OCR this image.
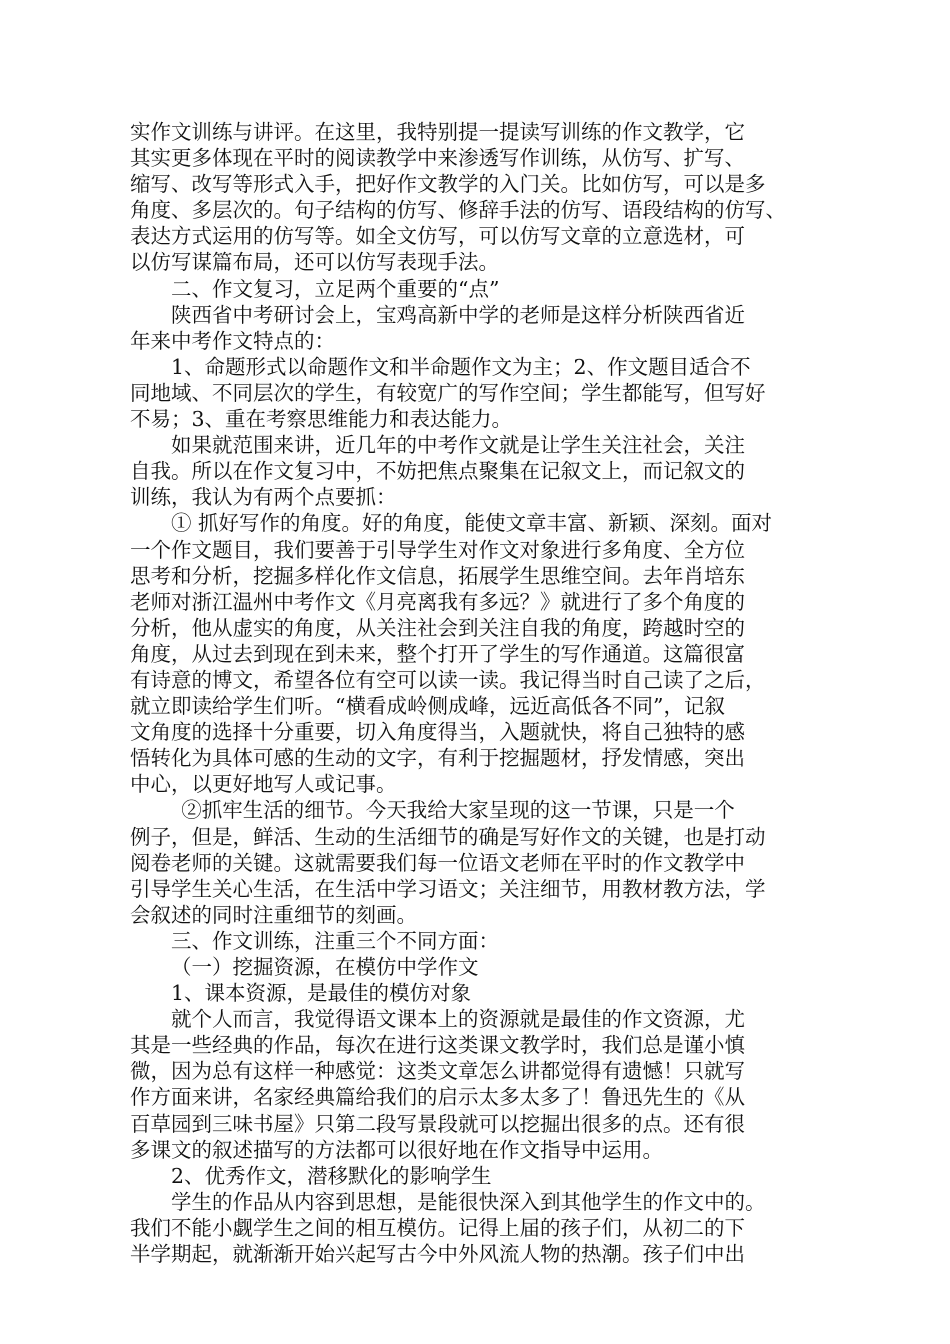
实作文训练与讲评。在这里，我特别提一提读写训练的作文教学，它
其实更多体现在平时的阅读教学中来渗透写作训练，从仿写、扩写、
缩写、改写等形式入手，把好作文教学的入门关。比如仿写，可以是多
角度、多层次的。句子结构的仿写、修辞手法的仿写、语段结构的仿写、
表达方式运用的仿写等。如全文仿写，可以仿写文章的立意选材，可
以仿写谋篇布局，还可以仿写表现手法。

二、作文复习，立足两个重要的“点”

陕西省中考研讨会上，宝鸡高新中学的老师是这样分析陕西省近
年来中考作文特点的：

1、命题形式以命题作文和半命题作文为主；2、作文题目适合不
同地域、不同层次的学生，有较宽广的写作空间；学生都能写，但写好
不易；3、重在考察思维能力和表达能力。

如果就范围来讲，近几年的中考作文就是让学生关注社会，关注
自我。所以在作文复习中，不妨把焦点聚集在记叙文上，而记叙文的
训练，我认为有两个点要抓：

① 抓好写作的角度。好的角度，能使文章丰富、新颖、深刻。面对
一个作文题目，我们要善于引导学生对作文对象进行多角度、全方位
思考和分析，挖掘多样化作文信息，拓展学生思维空间。去年肖培东
老师对浙江温州中考作文《月亮离我有多远？》就进行了多个角度的
分析，他从虚实的角度，从关注社会到关注自我的角度，跨越时空的
角度，从过去到现在到未来，整个打开了学生的写作通道。这篇很富
有诗意的博文，希望各位有空可以读一读。我记得当时自己读了之后，
就立即读给学生们听。“横看成岭侧成峰，远近高低各不同”，记叙
文角度的选择十分重要，切入角度得当，入题就快，将自己独特的感
悟转化为具体可感的生动的文字，有利于挖掘题材，抒发情感，突出
中心，以更好地写人或记事。

②抓牢生活的细节。今天我给大家呈现的这一节课，只是一个
例子，但是，鲜活、生动的生活细节的确是写好作文的关键，也是打动
阅卷老师的关键。这就需要我们每一位语文老师在平时的作文教学中
引导学生关心生活，在生活中学习语文；关注细节，用教材教方法，学
会叙述的同时注重细节的刻画。

三、作文训练，注重三个不同方面：

（一）挖掘资源，在模仿中学作文

1、课本资源，是最佳的模仿对象

就个人而言，我觉得语文课本上的资源就是最佳的作文资源，尤
其是一些经典的作品，每次在进行这类课文教学时，我们总是谨小慎
微，因为总有这样一种感觉：这类文章怎么讲都觉得有遗憾！只就写
作方面来讲，名家经典篇给我们的启示太多太多了！鲁迅先生的《从
百草园到三味书屋》只第二段写景段就可以挖掘出很多的点。还有很
多课文的叙述描写的方法都可以很好地在作文指导中运用。

2、优秀作文，潜移默化的影响学生

学生的作品从内容到思想，是能很快深入到其他学生的作文中的。
我们不能小觑学生之间的相互模仿。记得上届的孩子们，从初二的下
半学期起，就渐渐开始兴起写古今中外风流人物的热潮。孩子们中出
